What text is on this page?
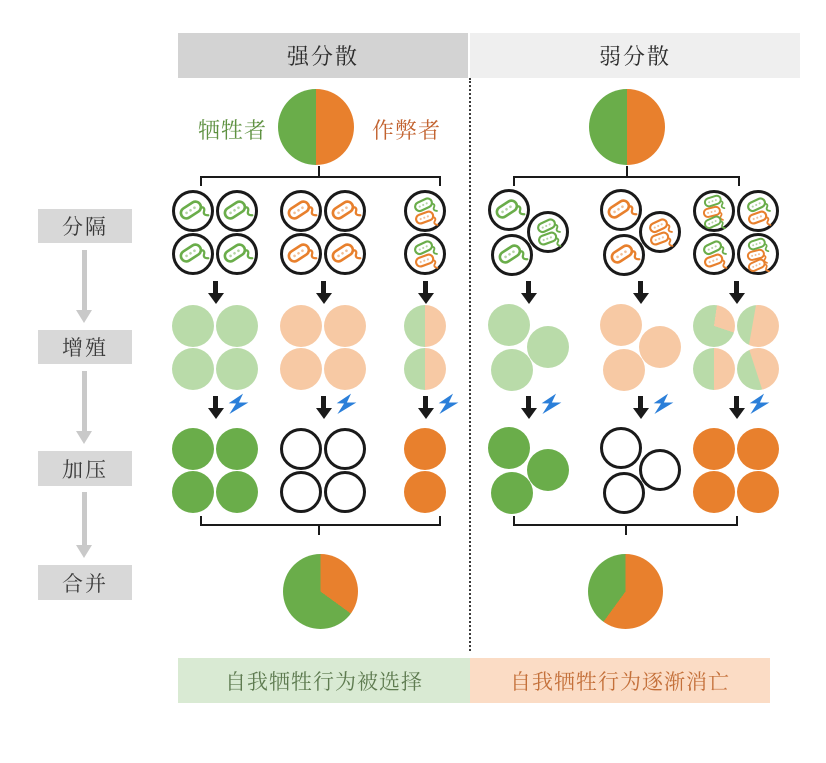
强分散	弱分散
牺牲者	作弊者
分隔
增殖
加压
合并
自我牺牲行为被选择	自我牺牲行为逐渐消亡
